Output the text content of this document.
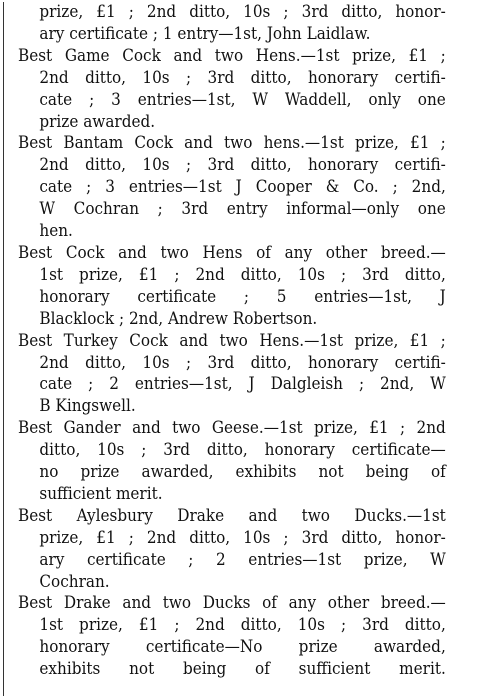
prize, £1 ; 2nd ditto, 10s ; 3rd ditto, honor-
ary certificate ; 1 entry—1st, John Laidlaw.
Best Game Cock and two Hens.—1st prize, £1 ;
2nd ditto, 10s ; 3rd ditto, honorary certifi-
cate ; 3 entries—1st, W Waddell, only one
prize awarded.
Best Bantam Cock and two hens.—1st prize, £1 ;
2nd ditto, 10s ; 3rd ditto, honorary certifi-
cate ; 3 entries—1st J Cooper & Co. ; 2nd,
W Cochran ; 3rd entry informal—only one
hen.
Best Cock and two Hens of any other breed.—
1st prize, £1 ; 2nd ditto, 10s ; 3rd ditto,
honorary certificate ; 5 entries—1st, J
Blacklock ; 2nd, Andrew Robertson.
Best Turkey Cock and two Hens.—1st prize, £1 ;
2nd ditto, 10s ; 3rd ditto, honorary certifi-
cate ; 2 entries—1st, J Dalgleish ; 2nd, W
B Kingswell.
Best Gander and two Geese.—1st prize, £1 ; 2nd
ditto, 10s ; 3rd ditto, honorary certificate—
no prize awarded, exhibits not being of
sufficient merit.
Best Aylesbury Drake and two Ducks.—1st
prize, £1 ; 2nd ditto, 10s ; 3rd ditto, honor-
ary certificate ; 2 entries—1st prize, W
Cochran.
Best Drake and two Ducks of any other breed.—
1st prize, £1 ; 2nd ditto, 10s ; 3rd ditto,
honorary certificate—No prize awarded,
exhibits not being of sufficient merit.
